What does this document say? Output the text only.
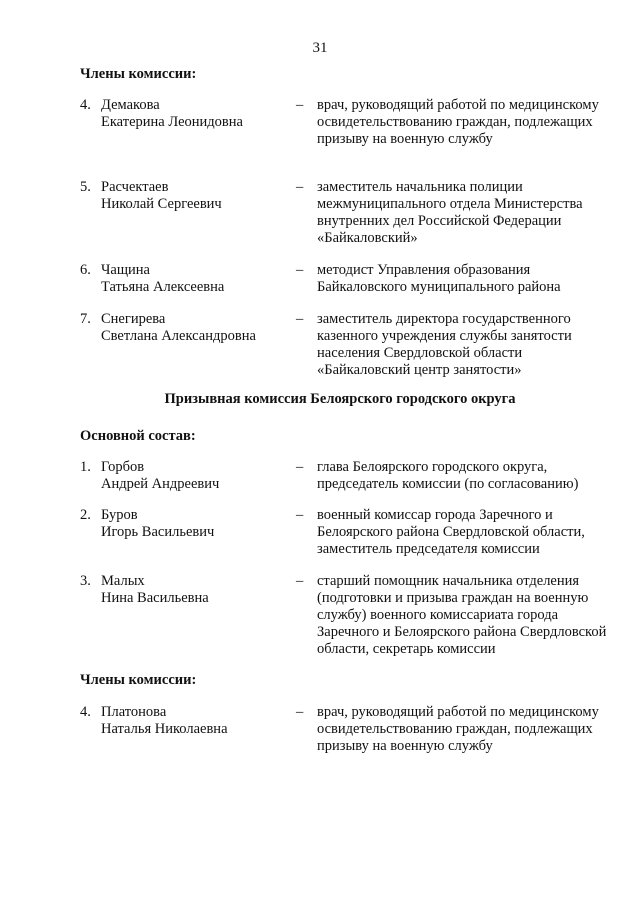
31
Члены комиссии:
4. Демакова
Екатерина Леонидовна
– врач, руководящий работой по медицинскому освидетельствованию граждан, подлежащих призыву на военную службу
5. Расчектаев
Николай Сергеевич
– заместитель начальника полиции межмуниципального отдела Министерства внутренних дел Российской Федерации «Байкаловский»
6. Чащина
Татьяна Алексеевна
– методист Управления образования Байкаловского муниципального района
7. Снегирева
Светлана Александровна
– заместитель директора государственного казенного учреждения службы занятости населения Свердловской области «Байкаловский центр занятости»
Призывная комиссия Белоярского городского округа
Основной состав:
1. Горбов
Андрей Андреевич
– глава Белоярского городского округа, председатель комиссии (по согласованию)
2. Буров
Игорь Васильевич
– военный комиссар города Заречного и Белоярского района Свердловской области, заместитель председателя комиссии
3. Малых
Нина Васильевна
– старший помощник начальника отделения (подготовки и призыва граждан на военную службу) военного комиссариата города Заречного и Белоярского района Свердловской области, секретарь комиссии
Члены комиссии:
4. Платонова
Наталья Николаевна
– врач, руководящий работой по медицинскому освидетельствованию граждан, подлежащих призыву на военную службу
